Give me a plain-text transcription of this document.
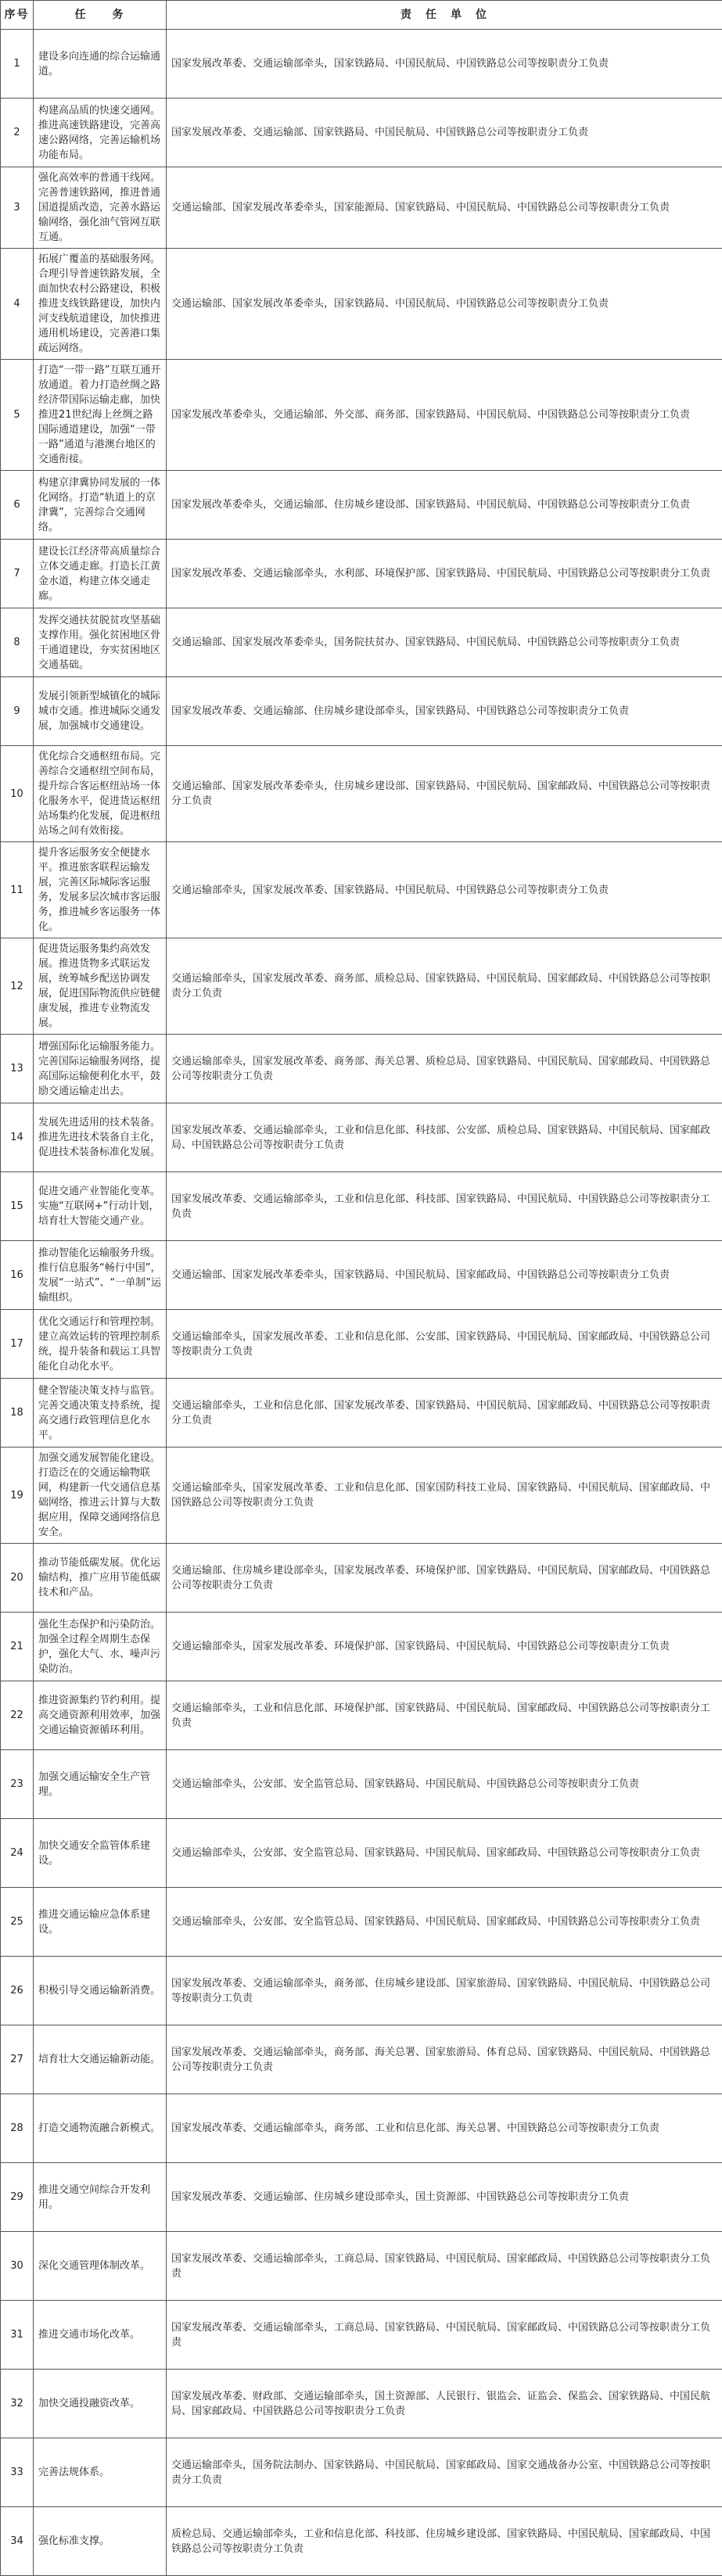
序号	任　　务	责　任　单　位
1	建设多向连通的综合运输通道。	国家发展改革委、交通运输部牵头，国家铁路局、中国民航局、中国铁路总公司等按职责分工负责
2	构建高品质的快速交通网。推进高速铁路建设，完善高速公路网络，完善运输机场功能布局。	国家发展改革委、交通运输部、国家铁路局、中国民航局、中国铁路总公司等按职责分工负责
3	强化高效率的普通干线网。完善普速铁路网，推进普通国道提质改造，完善水路运输网络，强化油气管网互联互通。	交通运输部、国家发展改革委牵头，国家能源局、国家铁路局、中国民航局、中国铁路总公司等按职责分工负责
4	拓展广覆盖的基础服务网。合理引导普速铁路发展，全面加快农村公路建设，积极推进支线铁路建设，加快内河支线航道建设，加快推进通用机场建设，完善港口集疏运网络。	交通运输部、国家发展改革委牵头，国家铁路局、中国民航局、中国铁路总公司等按职责分工负责
5	打造“一带一路”互联互通开放通道。着力打造丝绸之路经济带国际运输走廊，加快推进21世纪海上丝绸之路国际通道建设，加强“一带一路”通道与港澳台地区的交通衔接。	国家发展改革委牵头，交通运输部、外交部、商务部、国家铁路局、中国民航局、中国铁路总公司等按职责分工负责
6	构建京津冀协同发展的一体化网络。打造“轨道上的京津冀”，完善综合交通网络。	国家发展改革委牵头，交通运输部、住房城乡建设部、国家铁路局、中国民航局、中国铁路总公司等按职责分工负责
7	建设长江经济带高质量综合立体交通走廊。打造长江黄金水道，构建立体交通走廊。	国家发展改革委、交通运输部牵头，水利部、环境保护部、国家铁路局、中国民航局、中国铁路总公司等按职责分工负责
8	发挥交通扶贫脱贫攻坚基础支撑作用。强化贫困地区骨干通道建设，夯实贫困地区交通基础。	交通运输部、国家发展改革委牵头，国务院扶贫办、国家铁路局、中国民航局、中国铁路总公司等按职责分工负责
9	发展引领新型城镇化的城际城市交通。推进城际交通发展，加强城市交通建设。	国家发展改革委、交通运输部、住房城乡建设部牵头，国家铁路局、中国铁路总公司等按职责分工负责
10	优化综合交通枢纽布局。完善综合交通枢纽空间布局，提升综合客运枢纽站场一体化服务水平，促进货运枢纽站场集约化发展，促进枢纽站场之间有效衔接。	交通运输部、国家发展改革委牵头，住房城乡建设部、国家铁路局、中国民航局、国家邮政局、中国铁路总公司等按职责分工负责
11	提升客运服务安全便捷水平。推进旅客联程运输发展，完善区际城际客运服务，发展多层次城市客运服务，推进城乡客运服务一体化。	交通运输部牵头，国家发展改革委、国家铁路局、中国民航局、中国铁路总公司等按职责分工负责
12	促进货运服务集约高效发展。推进货物多式联运发展，统筹城乡配送协调发展，促进国际物流供应链健康发展，推进专业物流发展。	交通运输部牵头，国家发展改革委、商务部、质检总局、国家铁路局、中国民航局、国家邮政局、中国铁路总公司等按职责分工负责
13	增强国际化运输服务能力。完善国际运输服务网络，提高国际运输便利化水平，鼓励交通运输走出去。	交通运输部牵头，国家发展改革委、商务部、海关总署、质检总局、国家铁路局、中国民航局、国家邮政局、中国铁路总公司等按职责分工负责
14	发展先进适用的技术装备。推进先进技术装备自主化，促进技术装备标准化发展。	国家发展改革委、交通运输部牵头，工业和信息化部、科技部、公安部、质检总局、国家铁路局、中国民航局、国家邮政局、中国铁路总公司等按职责分工负责
15	促进交通产业智能化变革。实施“互联网+”行动计划，培育壮大智能交通产业。	国家发展改革委、交通运输部牵头，工业和信息化部、科技部、国家铁路局、中国民航局、中国铁路总公司等按职责分工负责
16	推动智能化运输服务升级。推行信息服务“畅行中国”，发展“一站式”、“一单制”运输组织。	交通运输部、国家发展改革委牵头，国家铁路局、中国民航局、国家邮政局、中国铁路总公司等按职责分工负责
17	优化交通运行和管理控制。建立高效运转的管理控制系统，提升装备和载运工具智能化自动化水平。	交通运输部牵头，国家发展改革委、工业和信息化部、公安部、国家铁路局、中国民航局、国家邮政局、中国铁路总公司等按职责分工负责
18	健全智能决策支持与监管。完善交通决策支持系统，提高交通行政管理信息化水平。	交通运输部牵头，工业和信息化部、国家发展改革委、国家铁路局、中国民航局、国家邮政局、中国铁路总公司等按职责分工负责
19	加强交通发展智能化建设。打造泛在的交通运输物联网，构建新一代交通信息基础网络，推进云计算与大数据应用，保障交通网络信息安全。	交通运输部牵头，国家发展改革委、工业和信息化部、国家国防科技工业局、国家铁路局、中国民航局、国家邮政局、中国铁路总公司等按职责分工负责
20	推动节能低碳发展。优化运输结构，推广应用节能低碳技术和产品。	交通运输部、住房城乡建设部牵头，国家发展改革委、环境保护部、国家铁路局、中国民航局、国家邮政局、中国铁路总公司等按职责分工负责
21	强化生态保护和污染防治。加强全过程全周期生态保护，强化大气、水、噪声污染防治。	交通运输部牵头，国家发展改革委、环境保护部、国家铁路局、中国民航局、中国铁路总公司等按职责分工负责
22	推进资源集约节约利用。提高交通资源利用效率，加强交通运输资源循环利用。	交通运输部牵头，工业和信息化部、环境保护部、国家铁路局、中国民航局、国家邮政局、中国铁路总公司等按职责分工负责
23	加强交通运输安全生产管理。	交通运输部牵头，公安部、安全监管总局、国家铁路局、中国民航局、中国铁路总公司等按职责分工负责
24	加快交通安全监管体系建设。	交通运输部牵头，公安部、安全监管总局、国家铁路局、中国民航局、国家邮政局、中国铁路总公司等按职责分工负责
25	推进交通运输应急体系建设。	交通运输部牵头，公安部、安全监管总局、国家铁路局、中国民航局、国家邮政局、中国铁路总公司等按职责分工负责
26	积极引导交通运输新消费。	国家发展改革委、交通运输部牵头，商务部、住房城乡建设部、国家旅游局、国家铁路局、中国民航局、中国铁路总公司等按职责分工负责
27	培育壮大交通运输新动能。	国家发展改革委、交通运输部牵头，商务部、海关总署、国家旅游局、体育总局、国家铁路局、中国民航局、中国铁路总公司等按职责分工负责
28	打造交通物流融合新模式。	国家发展改革委、交通运输部牵头，商务部、工业和信息化部、海关总署、中国铁路总公司等按职责分工负责
29	推进交通空间综合开发利用。	国家发展改革委、交通运输部、住房城乡建设部牵头，国土资源部、中国铁路总公司等按职责分工负责
30	深化交通管理体制改革。	国家发展改革委、交通运输部牵头，工商总局、国家铁路局、中国民航局、国家邮政局、中国铁路总公司等按职责分工负责
31	推进交通市场化改革。	国家发展改革委、交通运输部牵头，工商总局、国家铁路局、中国民航局、国家邮政局、中国铁路总公司等按职责分工负责
32	加快交通投融资改革。	国家发展改革委、财政部、交通运输部牵头，国土资源部、人民银行、银监会、证监会、保监会、国家铁路局、中国民航局、国家邮政局、中国铁路总公司等按职责分工负责
33	完善法规体系。	交通运输部牵头，国务院法制办、国家铁路局、中国民航局、国家邮政局、国家交通战备办公室、中国铁路总公司等按职责分工负责
34	强化标准支撑。	质检总局、交通运输部牵头，工业和信息化部、科技部、住房城乡建设部、国家铁路局、中国民航局、国家邮政局、中国铁路总公司等按职责分工负责
